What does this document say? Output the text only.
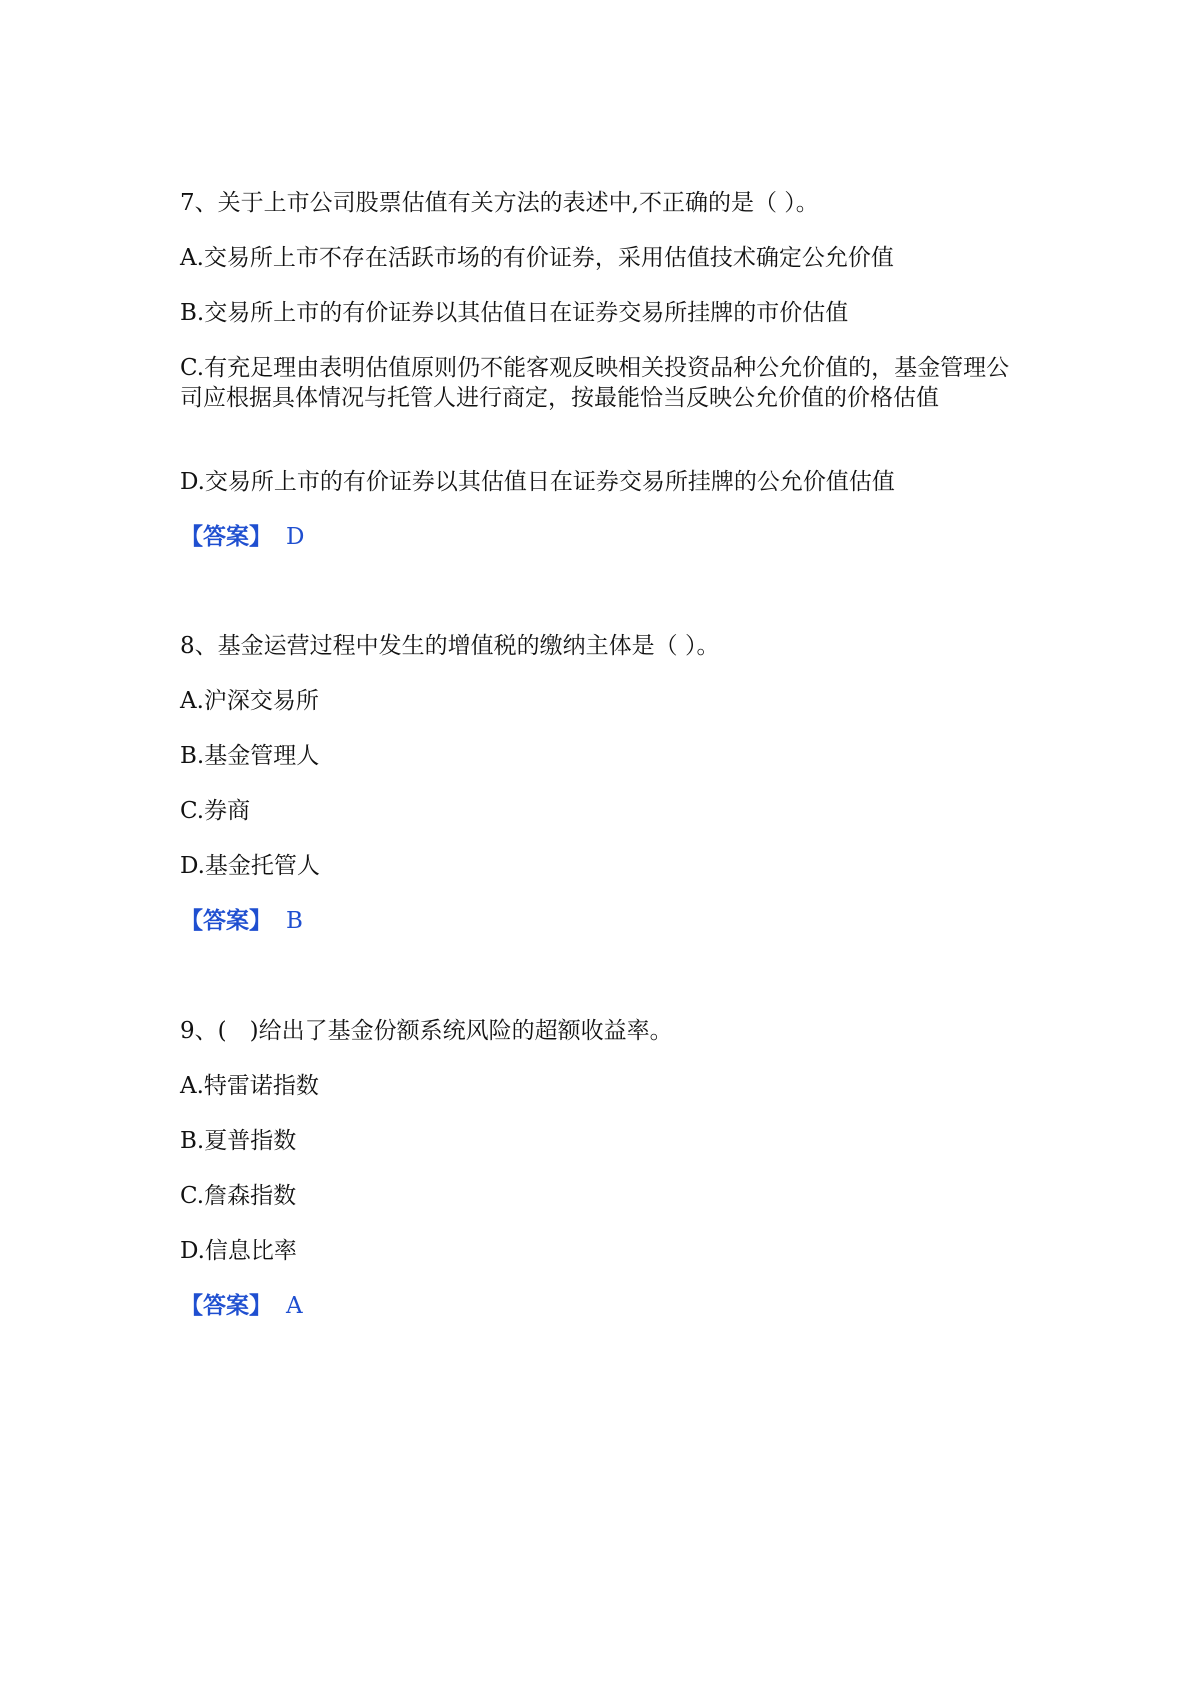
7、关于上市公司股票估值有关方法的表述中,不正确的是（ ）。
A.交易所上市不存在活跃市场的有价证券，采用估值技术确定公允价值
B.交易所上市的有价证券以其估值日在证券交易所挂牌的市价估值
C.有充足理由表明估值原则仍不能客观反映相关投资品种公允价值的，基金管理公司应根据具体情况与托管人进行商定，按最能恰当反映公允价值的价格估值
D.交易所上市的有价证券以其估值日在证券交易所挂牌的公允价值估值
【答案】 D
8、基金运营过程中发生的增值税的缴纳主体是（ ）。
A.沪深交易所
B.基金管理人
C.券商
D.基金托管人
【答案】 B
9、(　)给出了基金份额系统风险的超额收益率。
A.特雷诺指数
B.夏普指数
C.詹森指数
D.信息比率
【答案】 A
